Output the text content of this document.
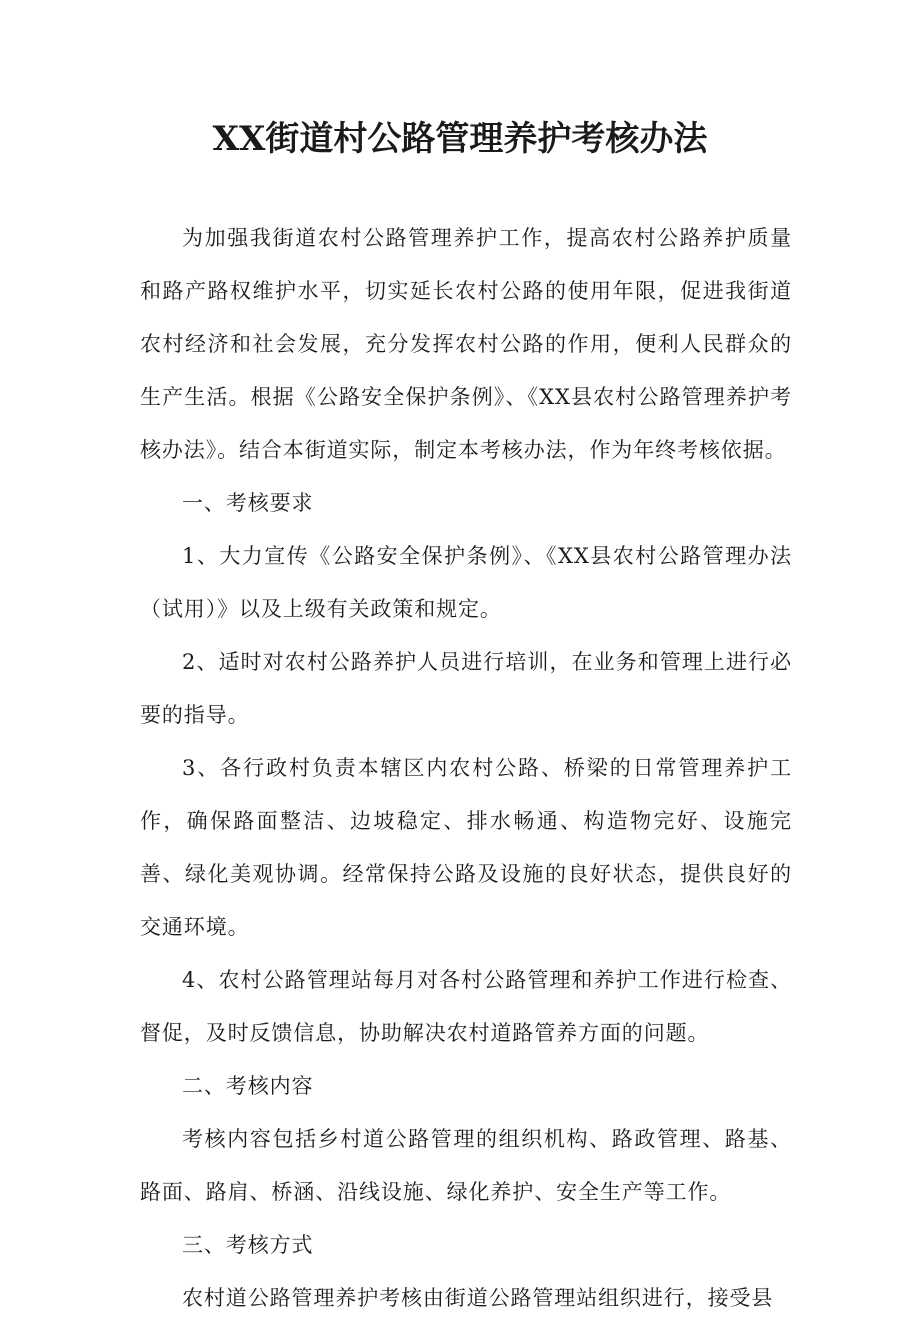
XX街道村公路管理养护考核办法

为加强我街道农村公路管理养护工作，提高农村公路养护质量和路产路权维护水平，切实延长农村公路的使用年限，促进我街道农村经济和社会发展，充分发挥农村公路的作用，便利人民群众的生产生活。根据《公路安全保护条例》、《XX县农村公路管理养护考核办法》。结合本街道实际，制定本考核办法，作为年终考核依据。

一、考核要求

1、大力宣传《公路安全保护条例》、《XX县农村公路管理办法（试用）》以及上级有关政策和规定。

2、适时对农村公路养护人员进行培训，在业务和管理上进行必要的指导。

3、各行政村负责本辖区内农村公路、桥梁的日常管理养护工作，确保路面整洁、边坡稳定、排水畅通、构造物完好、设施完善、绿化美观协调。经常保持公路及设施的良好状态，提供良好的交通环境。

4、农村公路管理站每月对各村公路管理和养护工作进行检查、督促，及时反馈信息，协助解决农村道路管养方面的问题。

二、考核内容

考核内容包括乡村道公路管理的组织机构、路政管理、路基、路面、路肩、桥涵、沿线设施、绿化养护、安全生产等工作。

三、考核方式

农村道公路管理养护考核由街道公路管理站组织进行，接受县
